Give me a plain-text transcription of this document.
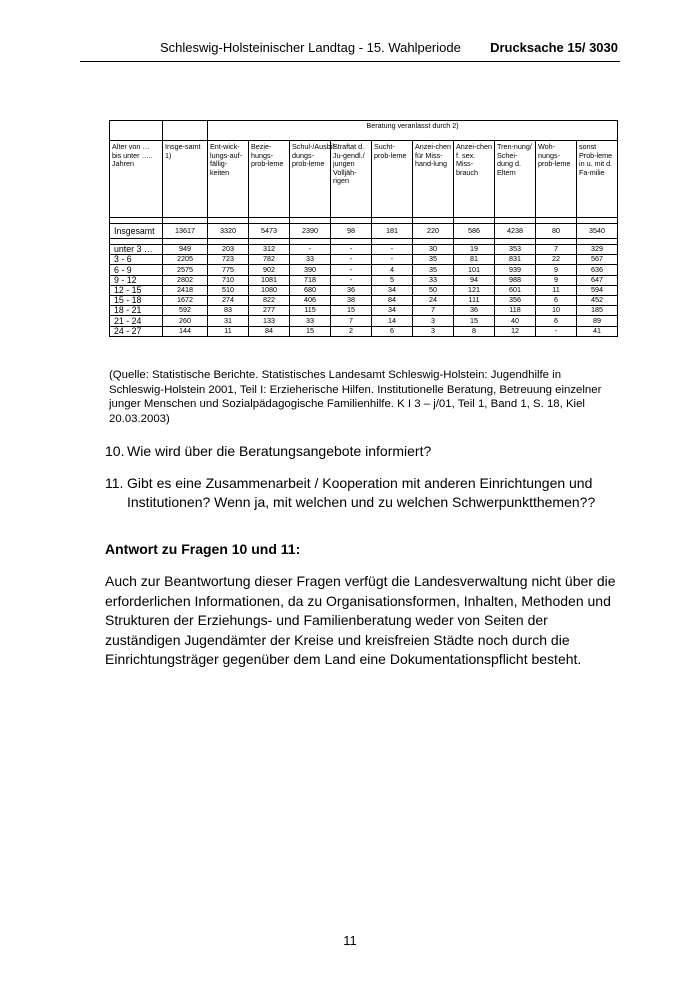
Schleswig-Holsteinischer Landtag - 15. Wahlperiode Drucksache 15/ 3030
		Beratung veranlasst durch 2)									
Alter von … bis unter ….. Jahren	Insge-samt 1)	Ent-wick-lungs-auf-fällig-keiten	Bezie-hungs-prob-leme	Schul-/Ausbil-dungs-prob-leme	Straftat d. Ju-gendl./ jungen Volljäh-rigen	Sucht-prob-leme	Anzei-chen für Miss-hand-lung	Anzei-chen f. sex. Miss-brauch	Tren-nung/ Schei-dung d. Eltern	Woh-nungs-prob-leme	sonst Prob-leme in u. mit d. Fa-milie

Insgesamt	13617	3320	5473	2390	98	181	220	586	4238	80	3540

unter 3 …	949	203	312	-	-	-	30	19	353	7	329
3 - 6	2205	723	782	33	-	-	35	81	831	22	567
6 - 9	2575	775	902	390	-	4	35	101	939	9	636
9 - 12	2802	710	1081	718	-	5	33	94	988	9	647
12 - 15	2418	510	1080	680	36	34	50	121	601	11	594
15 - 18	1672	274	822	406	38	84	24	111	356	6	452
18 - 21	592	83	277	115	15	34	7	36	118	10	185
21 - 24	260	31	133	33	7	14	3	15	40	6	89
24 - 27	144	11	84	15	2	6	3	8	12	-	41
(Quelle: Statistische Berichte. Statistisches Landesamt Schleswig-Holstein: Jugendhilfe in Schleswig-Holstein 2001, Teil I: Erzieherische Hilfen. Institutionelle Beratung, Betreuung einzelner junger Menschen und Sozialpädagogische Familienhilfe. K I 3 – j/01, Teil 1, Band 1, S. 18, Kiel 20.03.2003)
10. Wie wird über die Beratungsangebote informiert?
11. Gibt es eine Zusammenarbeit / Kooperation mit anderen Einrichtungen und Institutionen? Wenn ja, mit welchen und zu welchen Schwerpunktthemen??
Antwort zu Fragen 10 und 11:
Auch zur Beantwortung dieser Fragen verfügt die Landesverwaltung nicht über die erforderlichen Informationen, da zu Organisationsformen, Inhalten, Methoden und Strukturen der Erziehungs- und Familienberatung weder von Seiten der zuständigen Jugendämter der Kreise und kreisfreien Städte noch durch die Einrichtungsträger gegenüber dem Land eine Dokumentationspflicht besteht.
11
